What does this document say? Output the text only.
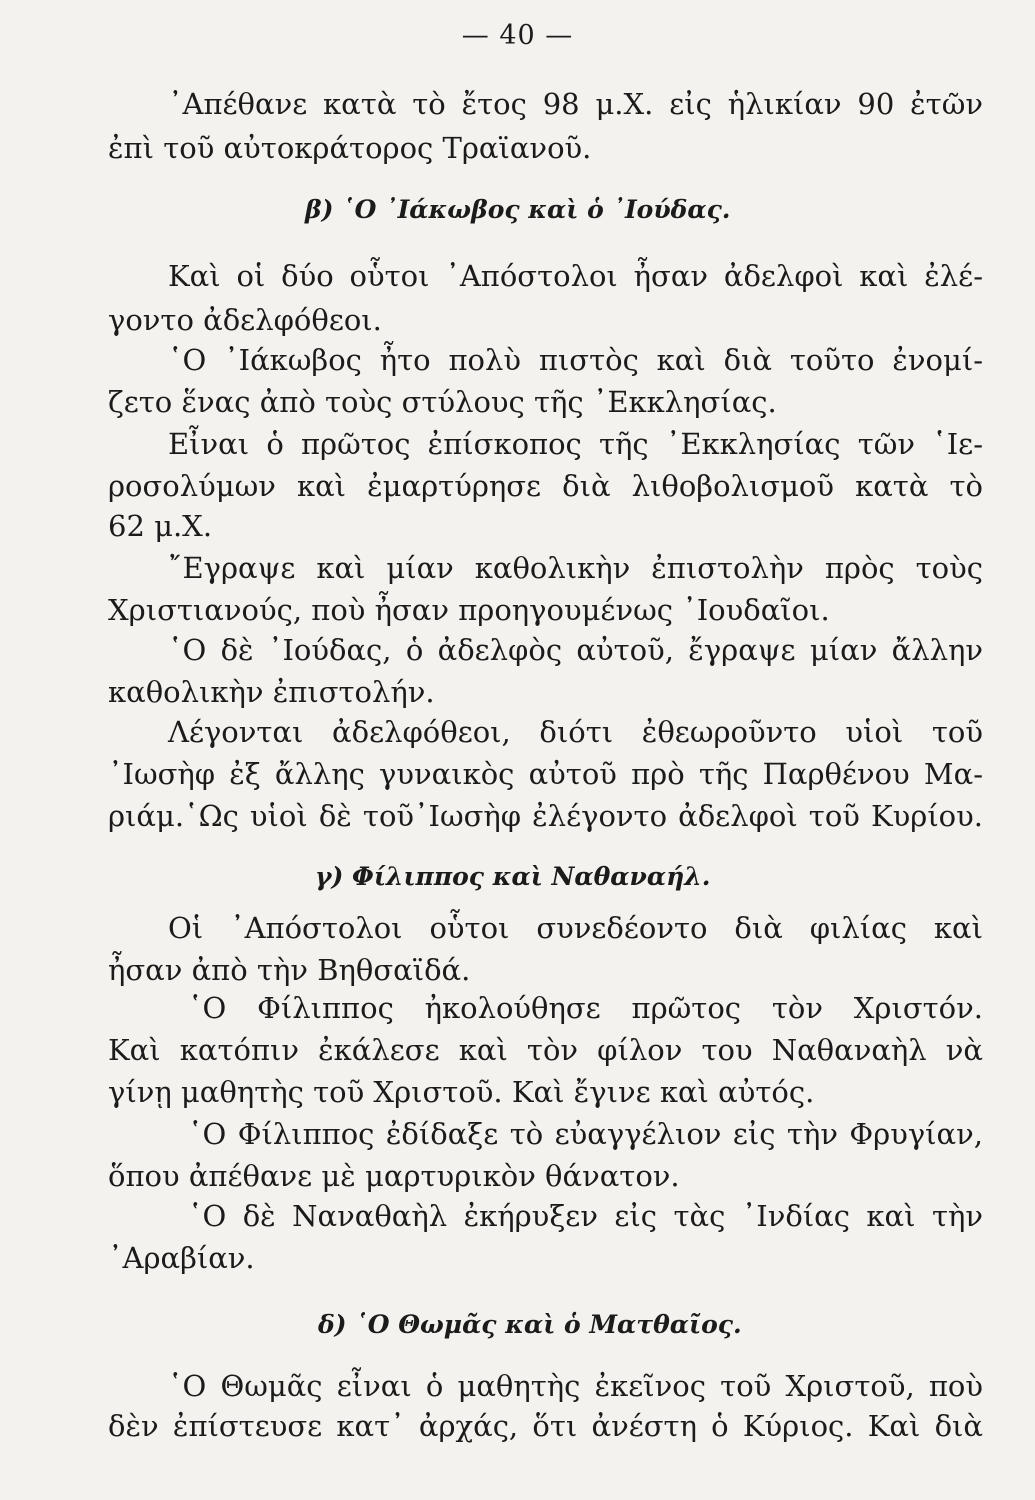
— 40 —
β) ῾Ο ᾿Ιάκωβος καὶ ὁ ᾿Ιούδας.
γ) Φίλιππος καὶ Ναθαναήλ.
δ) ῾Ο Θωμᾶς καὶ ὁ Ματθαῖος.
᾿Απέθανε κατὰ τὸ ἔτος 98 μ.Χ. εἰς ἡλικίαν 90 ἐτῶν
ἐπὶ τοῦ αὐτοκράτορος Τραϊανοῦ.
Καὶ οἱ δύο οὗτοι ᾿Απόστολοι ἦσαν ἀδελφοὶ καὶ ἐλέ-
γοντο ἀδελφόθεοι.
῾Ο ᾿Ιάκωβος ἦτο πολὺ πιστὸς καὶ διὰ τοῦτο ἐνομί-
ζετο ἕνας ἀπὸ τοὺς στύλους τῆς ᾿Εκκλησίας.
Εἶναι ὁ πρῶτος ἐπίσκοπος τῆς ᾿Εκκλησίας τῶν ῾Ιε-
ροσολύμων καὶ ἐμαρτύρησε διὰ λιθοβολισμοῦ κατὰ τὸ
62 μ.Χ.
῎Εγραψε καὶ μίαν καθολικὴν ἐπιστολὴν πρὸς τοὺς
Χριστιανούς, ποὺ ἦσαν προηγουμένως ᾿Ιουδαῖοι.
῾Ο δὲ ᾿Ιούδας, ὁ ἀδελφὸς αὐτοῦ, ἔγραψε μίαν ἄλλην
καθολικὴν ἐπιστολήν.
Λέγονται ἀδελφόθεοι, διότι ἐθεωροῦντο υἱοὶ τοῦ
᾿Ιωσὴφ ἐξ ἄλλης γυναικὸς αὐτοῦ πρὸ τῆς Παρθένου Μα-
ριάμ.῾Ως υἱοὶ δὲ τοῦ᾿Ιωσὴφ ἐλέγοντο ἀδελφοὶ τοῦ Κυρίου.
Οἱ ᾿Απόστολοι οὗτοι συνεδέοντο διὰ φιλίας καὶ
ἦσαν ἀπὸ τὴν Βηθσαϊδά.
῾Ο Φίλιππος ἠκολούθησε πρῶτος τὸν Χριστόν.
Καὶ κατόπιν ἐκάλεσε καὶ τὸν φίλον του Ναθαναὴλ νὰ
γίνῃ μαθητὴς τοῦ Χριστοῦ. Καὶ ἔγινε καὶ αὐτός.
῾Ο Φίλιππος ἐδίδαξε τὸ εὐαγγέλιον εἰς τὴν Φρυγίαν,
ὅπου ἀπέθανε μὲ μαρτυρικὸν θάνατον.
῾Ο δὲ Ναναθαὴλ ἐκήρυξεν εἰς τὰς ᾿Ινδίας καὶ τὴν
᾿Αραβίαν.
῾Ο Θωμᾶς εἶναι ὁ μαθητὴς ἐκεῖνος τοῦ Χριστοῦ, ποὺ
δὲν ἐπίστευσε κατ᾿ ἀρχάς, ὅτι ἀνέστη ὁ Κύριος. Καὶ διὰ
